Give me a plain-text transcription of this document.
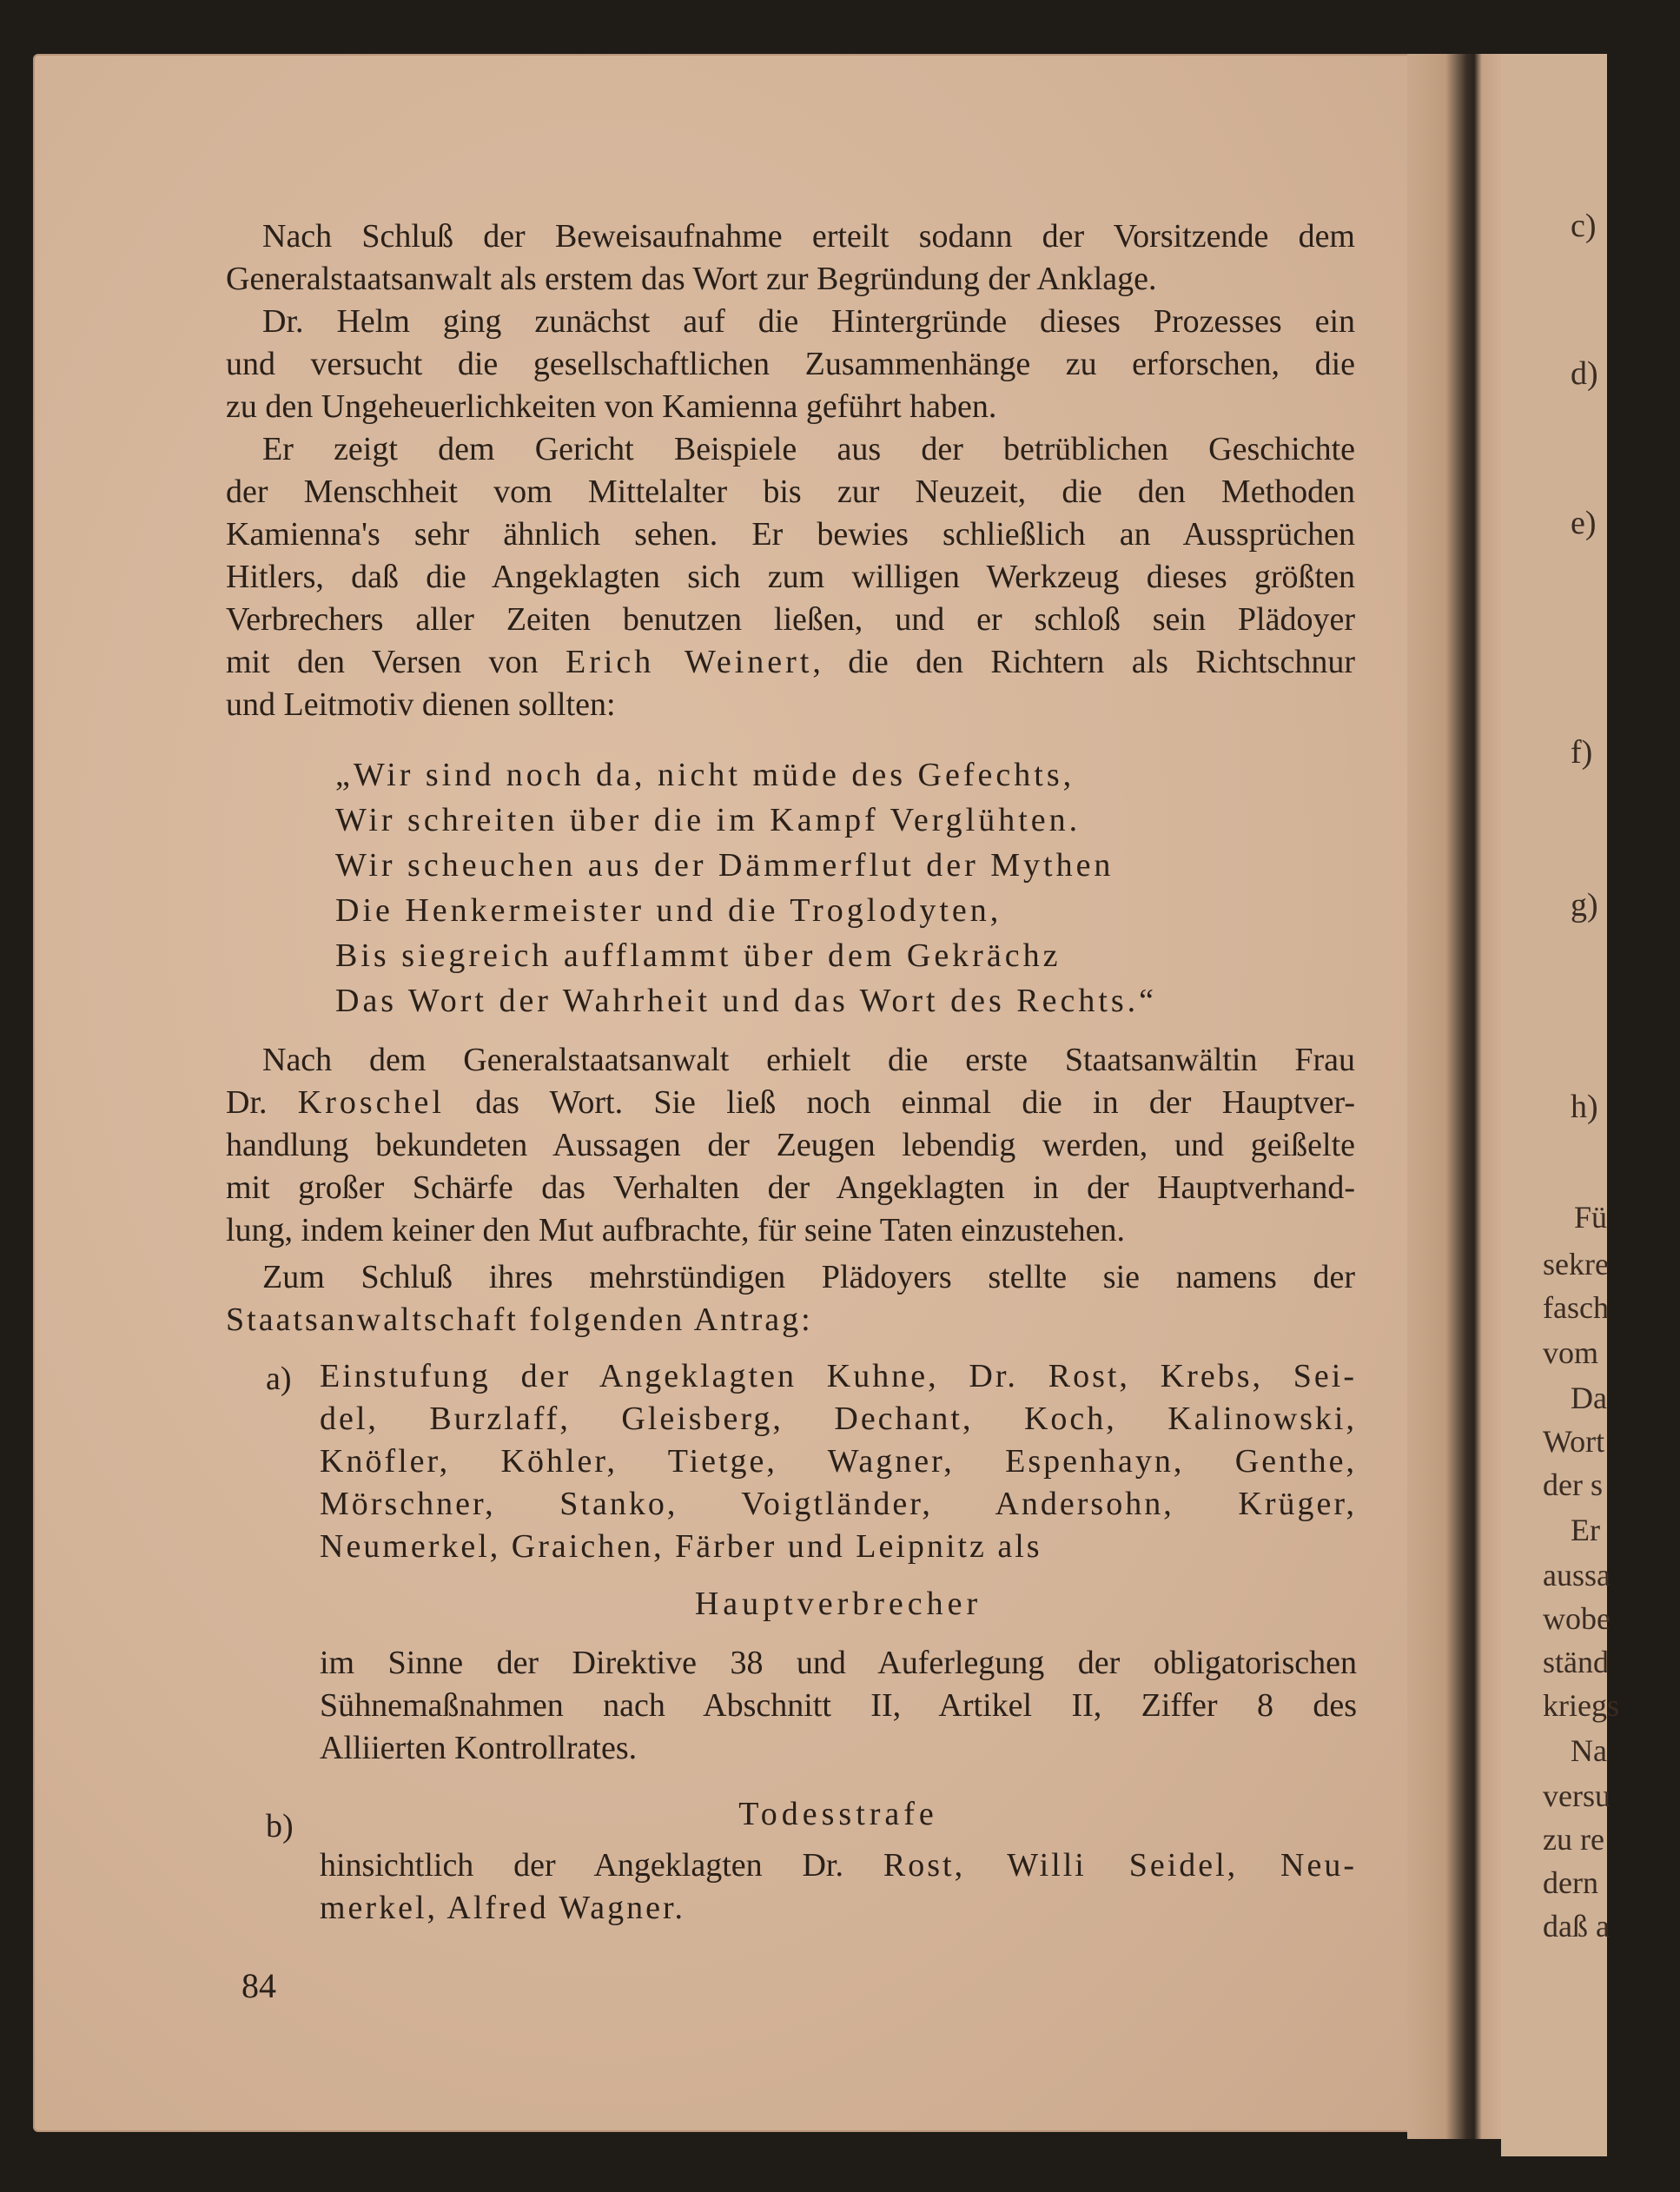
c)
d)
e)
f)
g)
h)
Fü
sekre
fasch
vom
Da
Wort
der s
Er
aussa
wobe
ständ
kriegs
Na
versu
zu re
dern
daß a

Nach Schluß der Beweisaufnahme erteilt sodann der Vorsitzende dem

Generalstaatsanwalt als erstem das Wort zur Begründung der Anklage.

Dr. Helm ging zunächst auf die Hintergründe dieses Prozesses ein

und versucht die gesellschaftlichen Zusammenhänge zu erforschen, die

zu den Ungeheuerlichkeiten von Kamienna geführt haben.

Er zeigt dem Gericht Beispiele aus der betrüblichen Geschichte

der Menschheit vom Mittelalter bis zur Neuzeit, die den Methoden

Kamienna's sehr ähnlich sehen. Er bewies schließlich an Aussprüchen

Hitlers, daß die Angeklagten sich zum willigen Werkzeug dieses größten

Verbrechers aller Zeiten benutzen ließen, und er schloß sein Plädoyer

mit den Versen von Erich Weinert, die den Richtern als Richtschnur

und Leitmotiv dienen sollten:

„Wir sind noch da, nicht müde des Gefechts,
Wir schreiten über die im Kampf Verglühten.
Wir scheuchen aus der Dämmerflut der Mythen
Die Henkermeister und die Troglodyten,
Bis siegreich aufflammt über dem Gekrächz
Das Wort der Wahrheit und das Wort des Rechts.“

Nach dem Generalstaatsanwalt erhielt die erste Staatsanwältin Frau

Dr. Kroschel das Wort. Sie ließ noch einmal die in der Hauptver-

handlung bekundeten Aussagen der Zeugen lebendig werden, und geißelte

mit großer Schärfe das Verhalten der Angeklagten in der Hauptverhand-

lung, indem keiner den Mut aufbrachte, für seine Taten einzustehen.

Zum Schluß ihres mehrstündigen Plädoyers stellte sie namens der

Staatsanwaltschaft folgenden Antrag:

a) Einstufung der Angeklagten Kuhne, Dr. Rost, Krebs, Sei-

del, Burzlaff, Gleisberg, Dechant, Koch, Kalinowski,

Knöfler, Köhler, Tietge, Wagner, Espenhayn, Genthe,

Mörschner, Stanko, Voigtländer, Andersohn, Krüger,

Neumerkel, Graichen, Färber und Leipnitz als

Hauptverbrecher

im Sinne der Direktive 38 und Auferlegung der obligatorischen

Sühnemaßnahmen nach Abschnitt II, Artikel II, Ziffer 8 des

Alliierten Kontrollrates.

b)	Todesstrafe

hinsichtlich der Angeklagten Dr. Rost, Willi Seidel, Neu-

merkel, Alfred Wagner.

84
